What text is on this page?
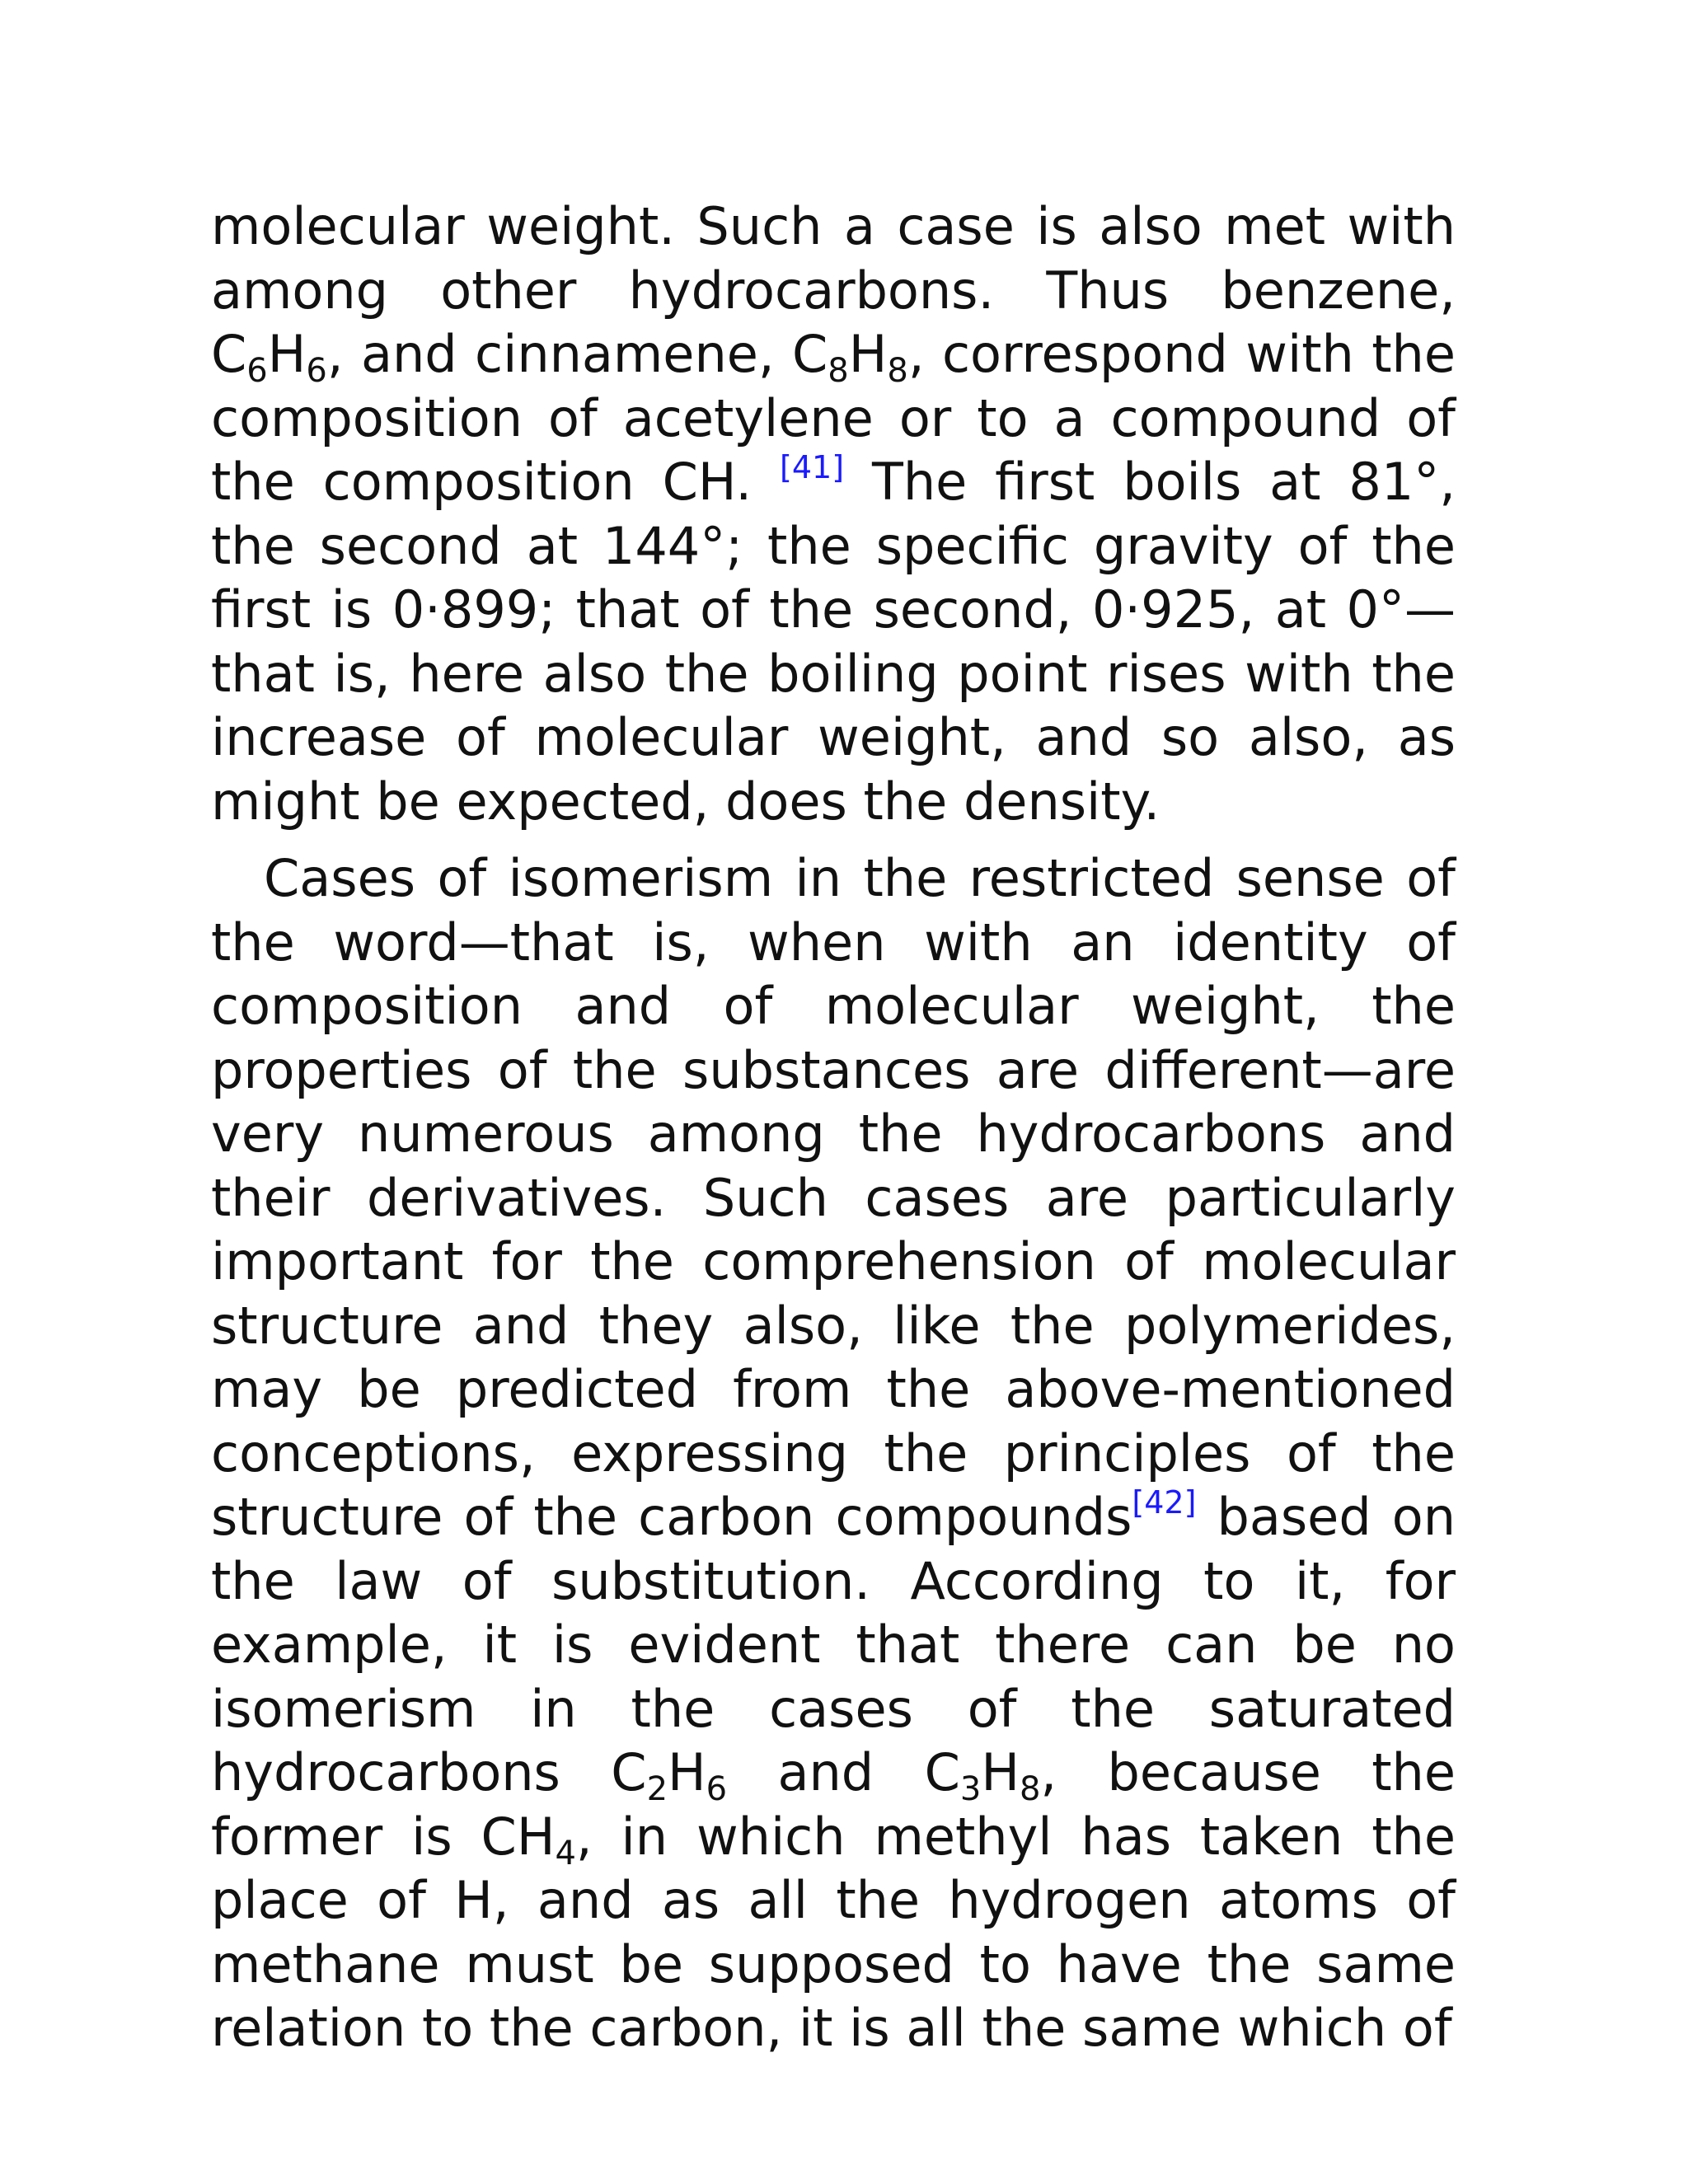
molecular weight. Such a case is also met with among other hydrocarbons. Thus benzene, $C_6H_6$, and cinnamene, $C_8H_8$, correspond with the composition of acetylene or to a compound of the composition CH. [41] The first boils at 81°, the second at 144°; the specific gravity of the first is 0·899; that of the second, 0·925, at 0°—that is, here also the boiling point rises with the increase of molecular weight, and so also, as might be expected, does the density.

Cases of isomerism in the restricted sense of the word—that is, when with an identity of composition and of molecular weight, the properties of the substances are different—are very numerous among the hydrocarbons and their derivatives. Such cases are particularly important for the comprehension of molecular structure and they also, like the polymerides, may be predicted from the above-mentioned conceptions, expressing the principles of the structure of the carbon compounds[42] based on the law of substitution. According to it, for example, it is evident that there can be no isomerism in the cases of the saturated hydrocarbons $C_2H_6$ and $C_3H_8$, because the former is $CH_4$, in which methyl has taken the place of H, and as all the hydrogen atoms of methane must be supposed to have the same relation to the carbon, it is all the same which of
